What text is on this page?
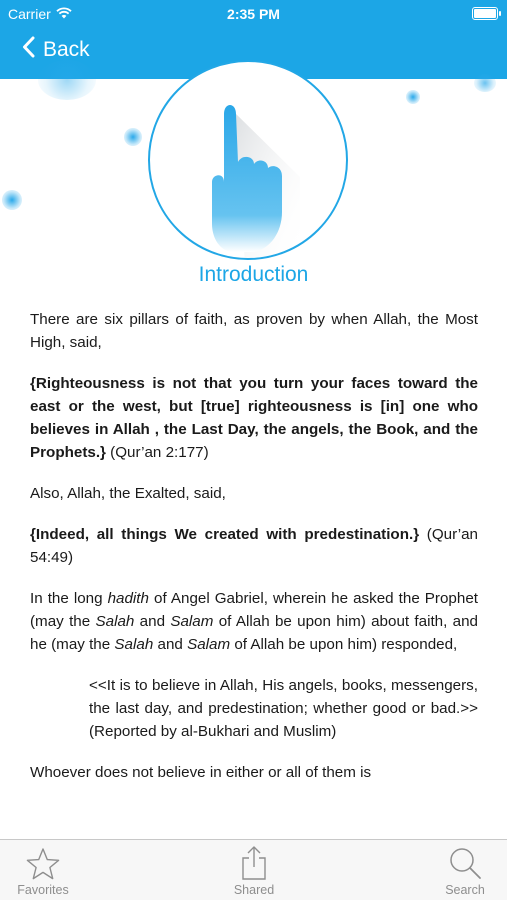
Carrier	2:35 PM
Back
Introduction

There are six pillars of faith, as proven by when Allah, the Most High, said,

{Righteousness is not that you turn your faces toward the east or the west, but [true] righteousness is [in] one who believes in Allah , the Last Day, the angels, the Book, and the Prophets.} (Qur’an 2:177)

Also, Allah, the Exalted, said,

{Indeed, all things We created with predestination.} (Qur’an 54:49)

In the long hadith of Angel Gabriel, wherein he asked the Prophet (may the Salah and Salam of Allah be upon him) about faith, and he (may the Salah and Salam of Allah be upon him) responded,

<<It is to believe in Allah, His angels, books, messengers, the last day, and predestination; whether good or bad.>> (Reported by al-Bukhari and Muslim)

Whoever does not believe in either or all of them is

Favorites	Shared	Search
